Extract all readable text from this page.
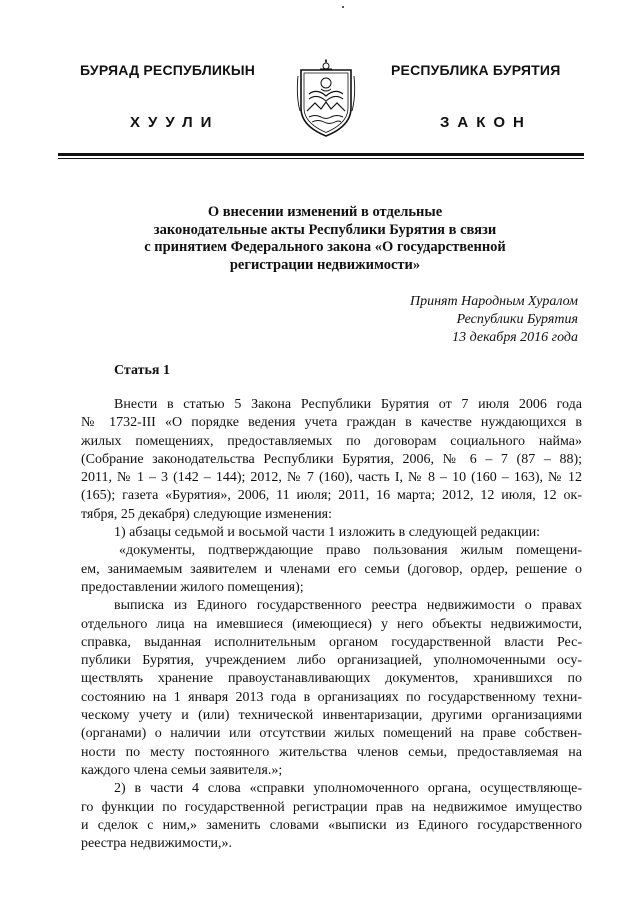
БУРЯАД РЕСПУБЛИКЫН	РЕСПУБЛИКА БУРЯТИЯ
ХУУЛИ	ЗАКОН
О внесении изменений в отдельные
законодательные акты Республики Бурятия в связи
с принятием Федерального закона «О государственной
регистрации недвижимости»
Принят Народным Хуралом
Республики Бурятия
13 декабря 2016 года
Статья 1
Внести в статью 5 Закона Республики Бурятия от 7 июля 2006 года
№ 1732-III «О порядке ведения учета граждан в качестве нуждающихся в
жилых помещениях, предоставляемых по договорам социального найма»
(Собрание законодательства Республики Бурятия, 2006, № 6 – 7 (87 – 88);
2011, № 1 – 3 (142 – 144); 2012, № 7 (160), часть I, № 8 – 10 (160 – 163), № 12
(165); газета «Бурятия», 2006, 11 июля; 2011, 16 марта; 2012, 12 июля, 12 ок-
тября, 25 декабря) следующие изменения:
1) абзацы седьмой и восьмой части 1 изложить в следующей редакции:
«документы, подтверждающие право пользования жилым помещени-
ем, занимаемым заявителем и членами его семьи (договор, ордер, решение о
предоставлении жилого помещения);
выписка из Единого государственного реестра недвижимости о правах
отдельного лица на имевшиеся (имеющиеся) у него объекты недвижимости,
справка, выданная исполнительным органом государственной власти Рес-
публики Бурятия, учреждением либо организацией, уполномоченными осу-
ществлять хранение правоустанавливающих документов, хранившихся по
состоянию на 1 января 2013 года в организациях по государственному техни-
ческому учету и (или) технической инвентаризации, другими организациями
(органами) о наличии или отсутствии жилых помещений на праве собствен-
ности по месту постоянного жительства членов семьи, предоставляемая на
каждого члена семьи заявителя.»;
2) в части 4 слова «справки уполномоченного органа, осуществляюще-
го функции по государственной регистрации прав на недвижимое имущество
и сделок с ним,» заменить словами «выписки из Единого государственного
реестра недвижимости,».
